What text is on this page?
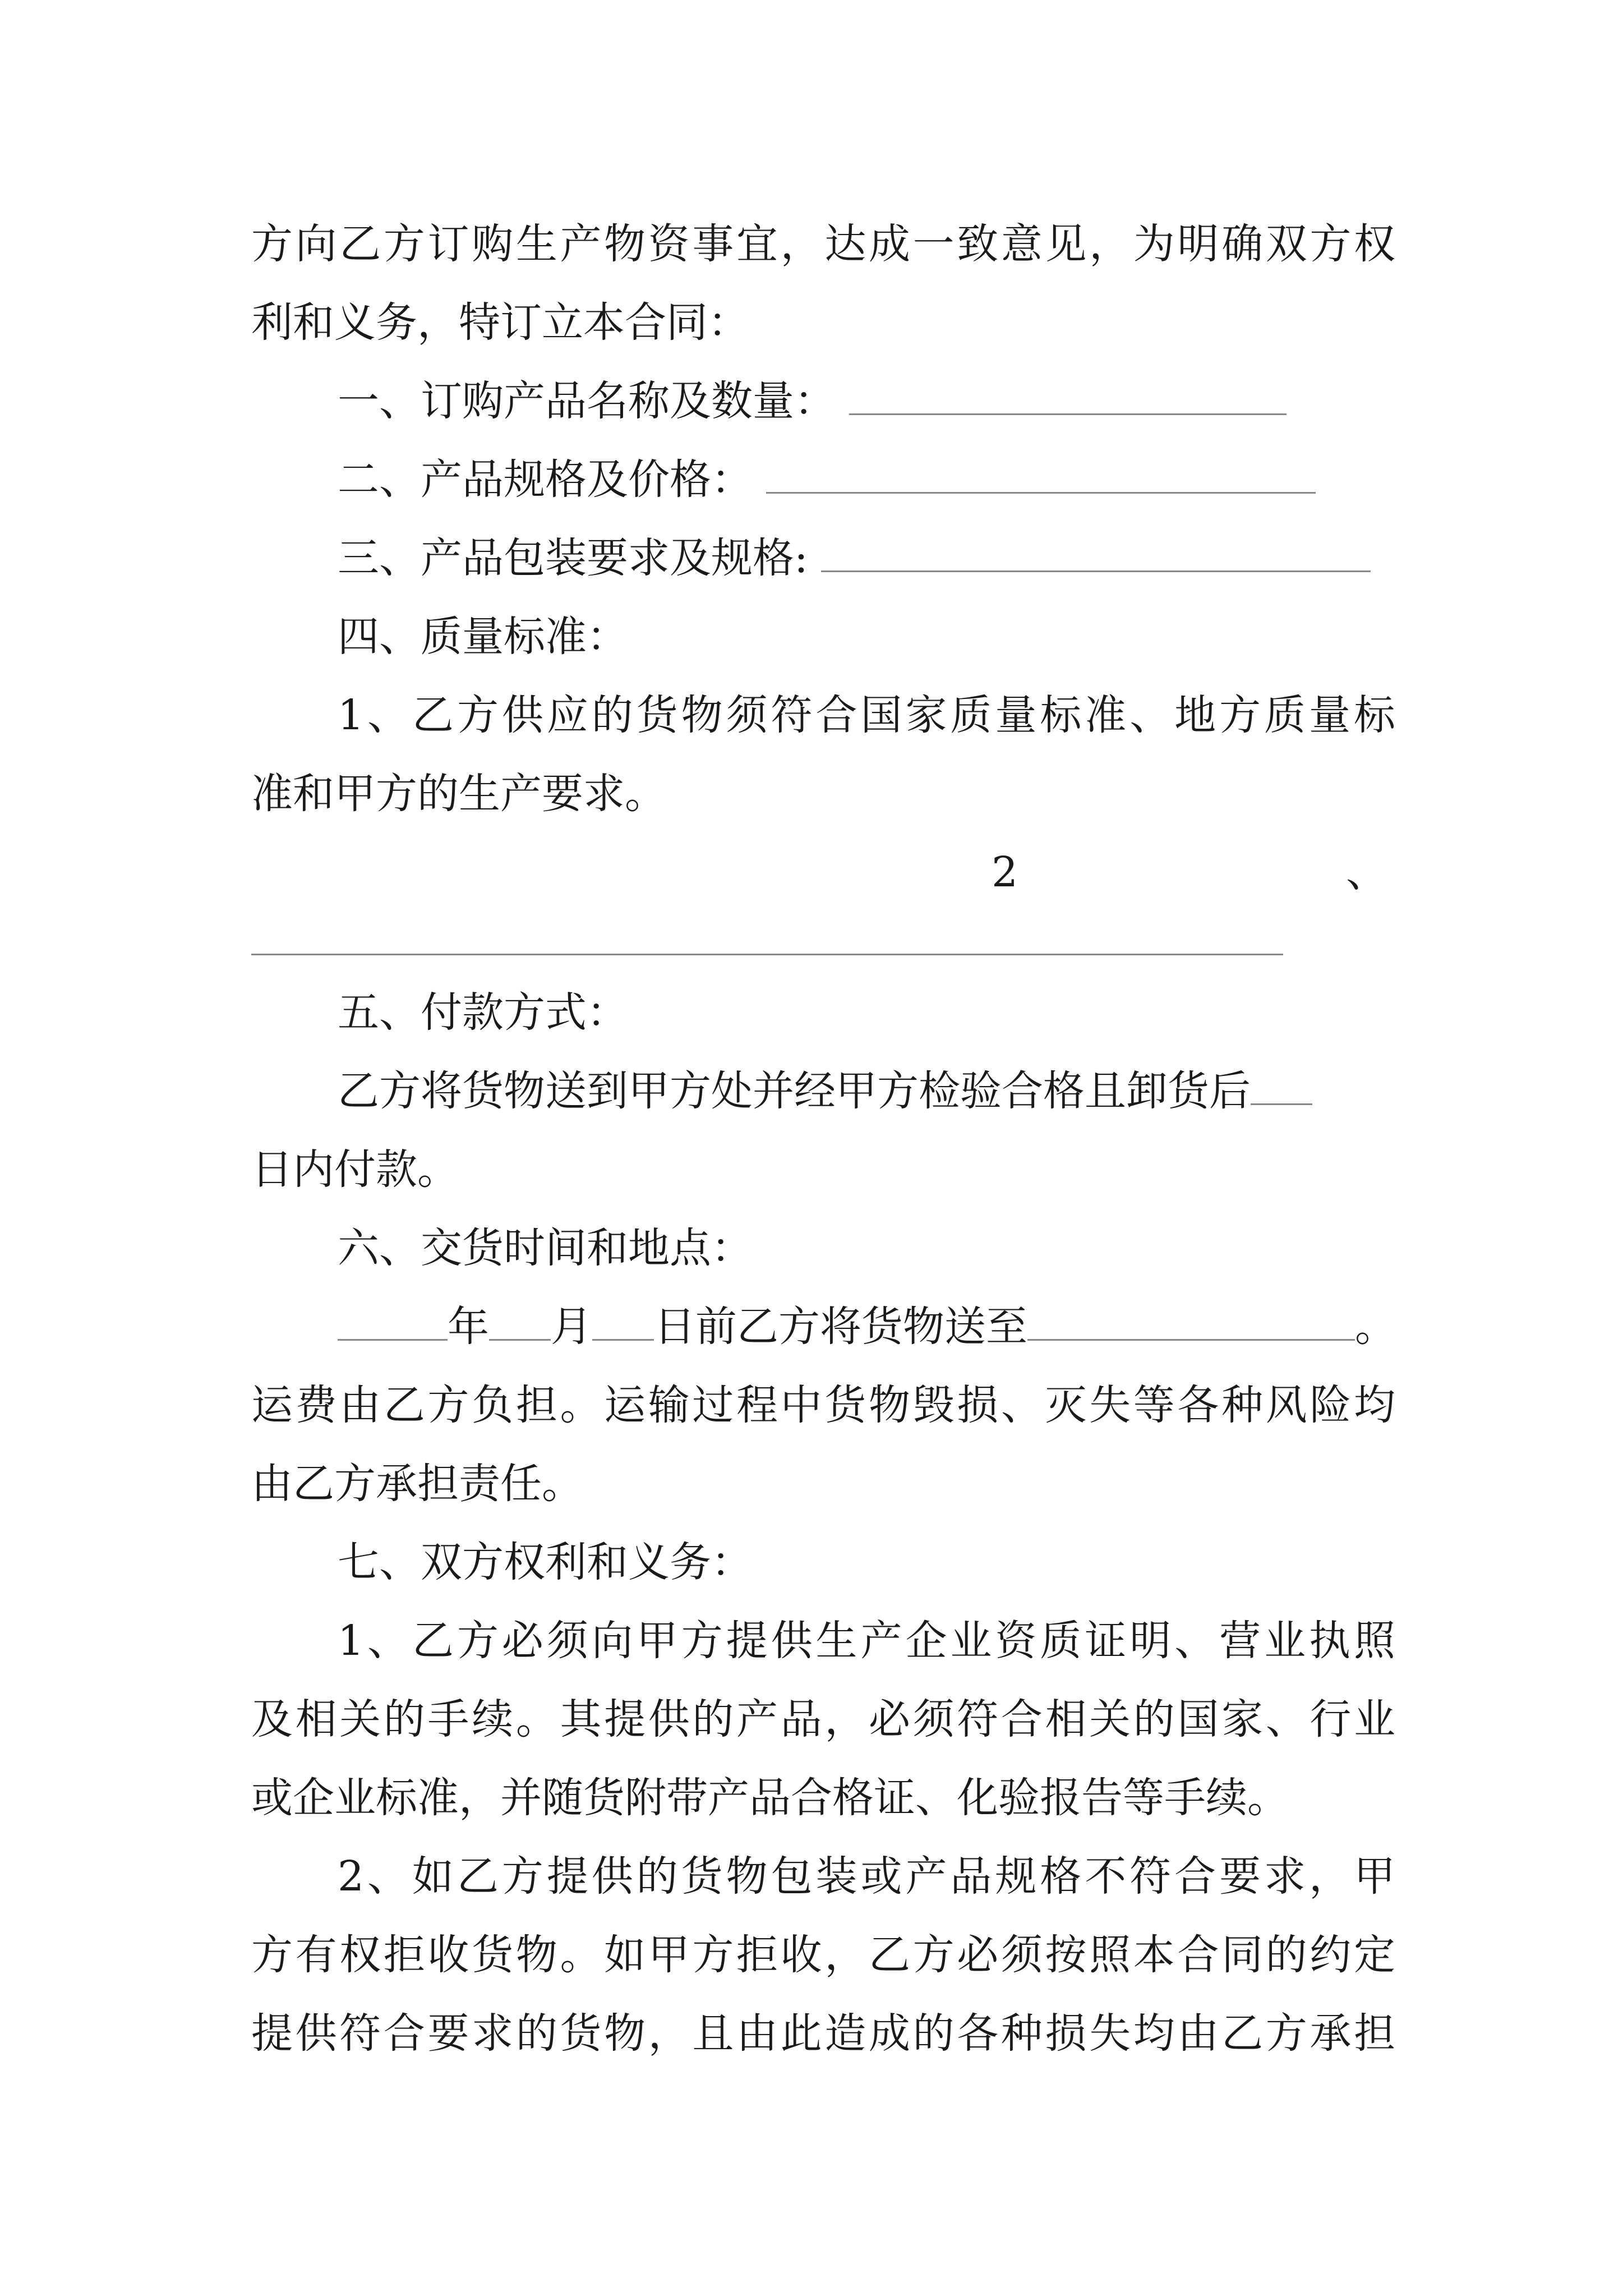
方向乙方订购生产物资事宜，达成一致意见，为明确双方权
利和义务，特订立本合同：
一、订购产品名称及数量：
二、产品规格及价格：
三、产品包装要求及规格:
四、质量标准：
1、乙方供应的货物须符合国家质量标准、地方质量标
准和甲方的生产要求。
2	、
五、付款方式：
乙方将货物送到甲方处并经甲方检验合格且卸货后
日内付款。
六、交货时间和地点：
年 月 日前乙方将货物送至	。
运费由乙方负担。运输过程中货物毁损、灭失等各种风险均
由乙方承担责任。
七、双方权利和义务：
1、乙方必须向甲方提供生产企业资质证明、营业执照
及相关的手续。其提供的产品，必须符合相关的国家、行业
或企业标准，并随货附带产品合格证、化验报告等手续。
2、如乙方提供的货物包装或产品规格不符合要求，甲
方有权拒收货物。如甲方拒收，乙方必须按照本合同的约定
提供符合要求的货物，且由此造成的各种损失均由乙方承担
